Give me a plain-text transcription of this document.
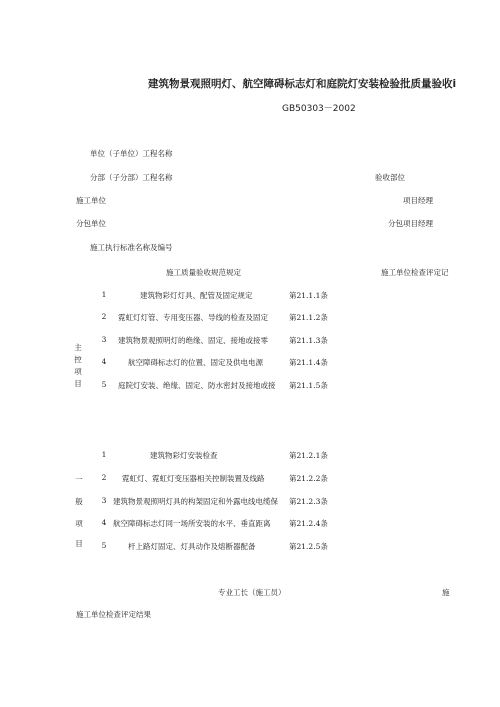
建筑物景观照明灯、航空障碍标志灯和庭院灯安装检验批质量验收i
GB50303－2002
单位（子单位）工程名称
分部（子分部）工程名称	验收部位
施工单位	项目经理
分包单位	分包项目经理
施工执行标准名称及编号
施工质量验收规范规定	施工单位检查评定记
主
控
项
目
1	建筑物彩灯灯具、配管及固定规定	第21.1.1条
2	霓虹灯灯管、专用变压器、导线的检查及固定	第21.1.2条
3	建筑物景观照明灯的绝缘、固定、接地或接零	第21.1.3条
4	航空障碍标志灯的位置、固定及供电电源	第21.1.4条
5	庭院灯安装、绝缘、固定、防水密封及接地或接	第21.1.5条
一
般
项
目
1	建筑物彩灯安装检查	第21.2.1条
2	霓虹灯、霓虹灯变压器相关控制装置及线路	第21.2.2条
3 建筑物景观照明灯具的构架固定和外露电线电缆保	第21.2.3条
4 航空障碍标志灯同一场所安装的水平、垂直距离	第21.2.4条
5	杆上路灯固定、灯具动作及熔断器配备	第21.2.5条
专业工长（施工员）	施
施工单位检查评定结果
